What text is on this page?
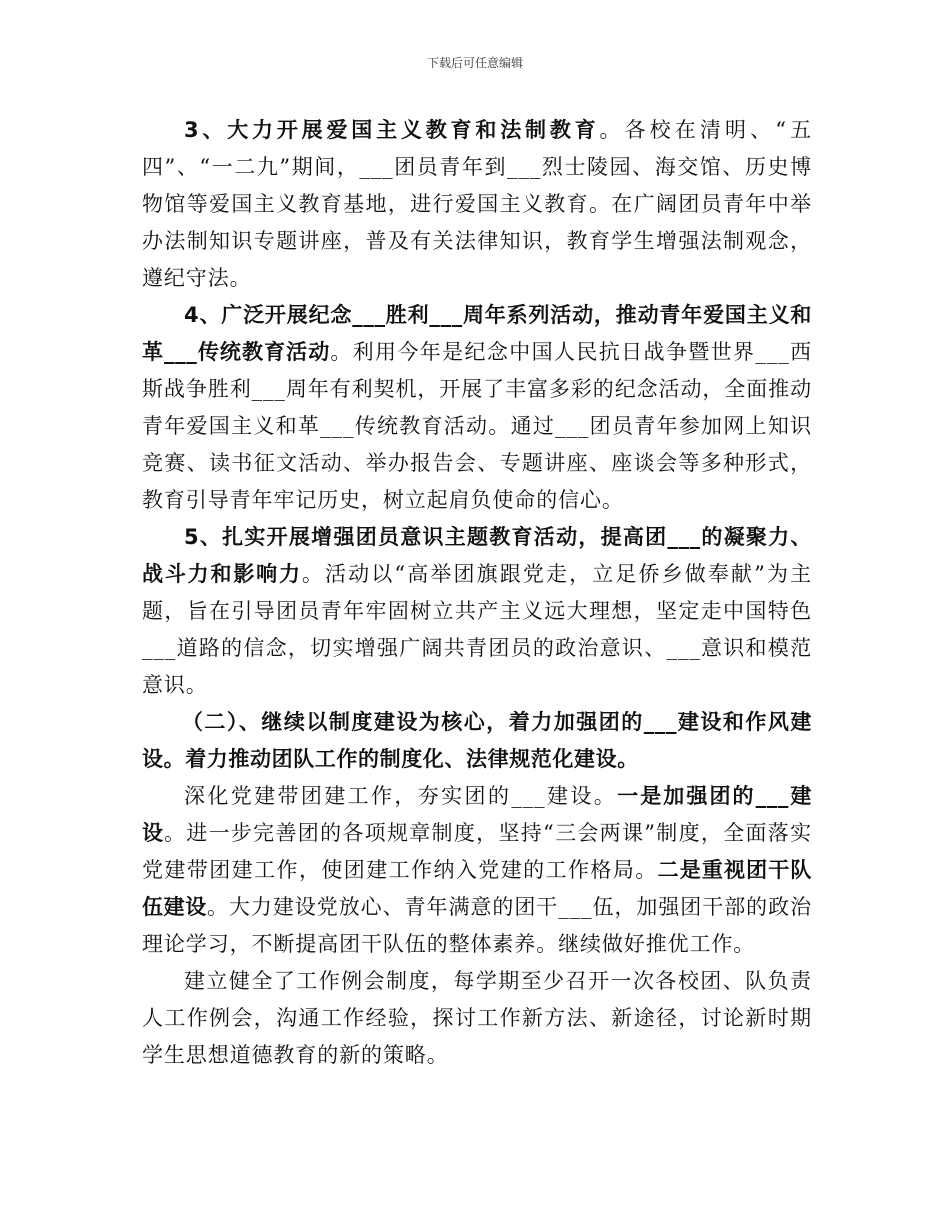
下载后可任意编辑

3、大力开展爱国主义教育和法制教育。各校在清明、“五四”、“一二九”期间，___团员青年到___烈士陵园、海交馆、历史博物馆等爱国主义教育基地，进行爱国主义教育。在广阔团员青年中举办法制知识专题讲座，普及有关法律知识，教育学生增强法制观念，遵纪守法。

4、广泛开展纪念___胜利___周年系列活动，推动青年爱国主义和革___传统教育活动。利用今年是纪念中国人民抗日战争暨世界___西斯战争胜利___周年有利契机，开展了丰富多彩的纪念活动，全面推动青年爱国主义和革___传统教育活动。通过___团员青年参加网上知识竞赛、读书征文活动、举办报告会、专题讲座、座谈会等多种形式，教育引导青年牢记历史，树立起肩负使命的信心。

5、扎实开展增强团员意识主题教育活动，提高团___的凝聚力、战斗力和影响力。活动以“高举团旗跟党走，立足侨乡做奉献”为主题，旨在引导团员青年牢固树立共产主义远大理想，坚定走中国特色___道路的信念，切实增强广阔共青团员的政治意识、___意识和模范意识。

（二）、继续以制度建设为核心，着力加强团的___建设和作风建设。着力推动团队工作的制度化、法律规范化建设。

深化党建带团建工作，夯实团的___建设。一是加强团的___建设。进一步完善团的各项规章制度，坚持“三会两课”制度，全面落实党建带团建工作，使团建工作纳入党建的工作格局。二是重视团干队伍建设。大力建设党放心、青年满意的团干___伍，加强团干部的政治理论学习，不断提高团干队伍的整体素养。继续做好推优工作。

建立健全了工作例会制度，每学期至少召开一次各校团、队负责人工作例会，沟通工作经验，探讨工作新方法、新途径，讨论新时期学生思想道德教育的新的策略。
